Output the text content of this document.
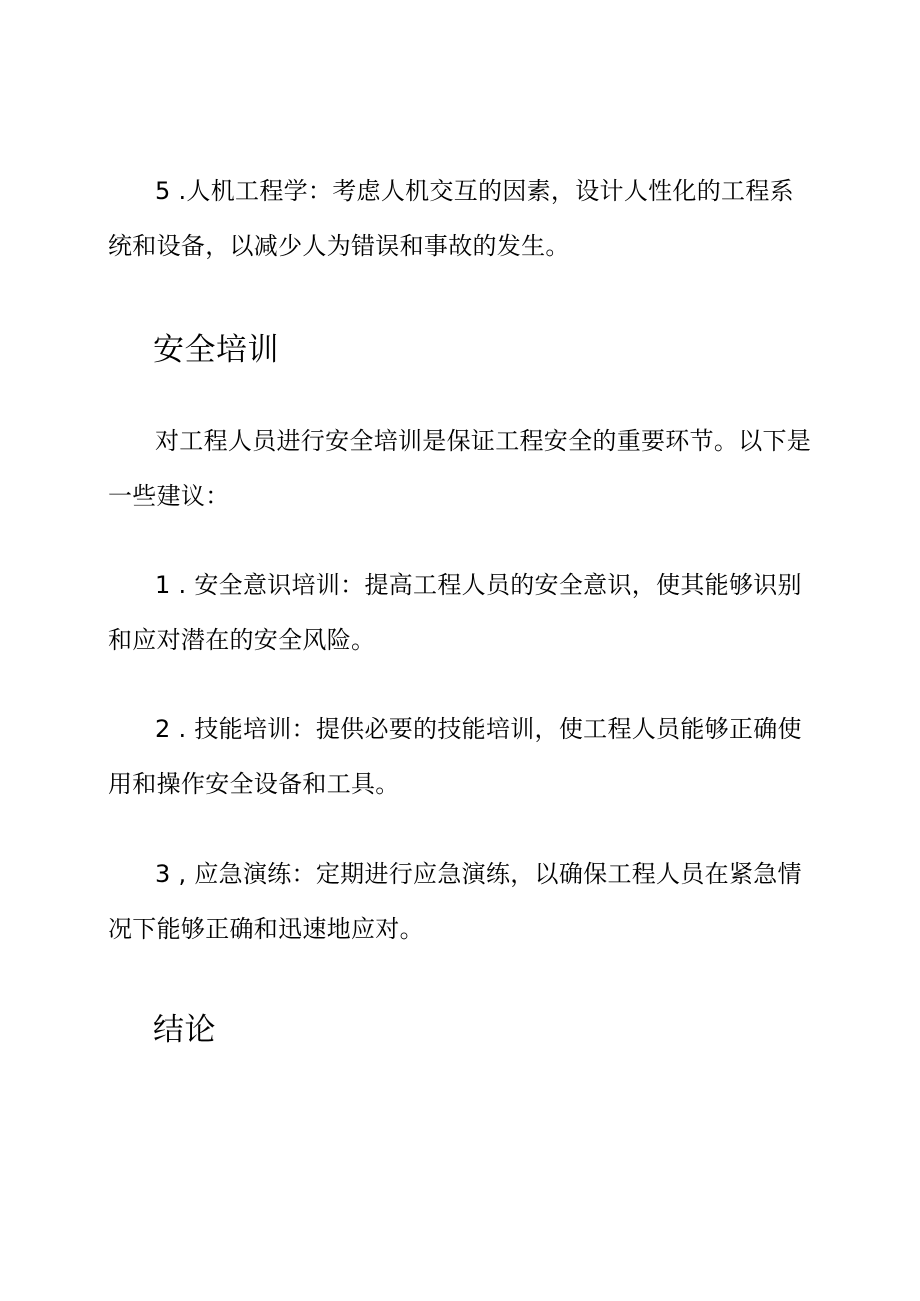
5 .人机工程学：考虑人机交互的因素，设计人性化的工程系统和设备，以减少人为错误和事故的发生。

安全培训

对工程人员进行安全培训是保证工程安全的重要环节。以下是一些建议：

1 . 安全意识培训：提高工程人员的安全意识，使其能够识别和应对潜在的安全风险。

2 . 技能培训：提供必要的技能培训，使工程人员能够正确使用和操作安全设备和工具。

3 , 应急演练：定期进行应急演练，以确保工程人员在紧急情况下能够正确和迅速地应对。

结论
